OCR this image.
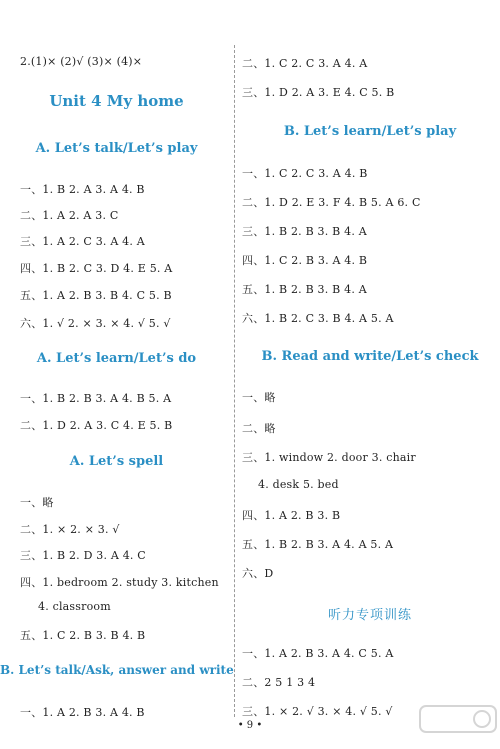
2.(1)× (2)√ (3)× (4)×
Unit 4 My home
A. Let’s talk/Let’s play
一、1. B 2. A 3. A 4. B
二、1. A 2. A 3. C
三、1. A 2. C 3. A 4. A
四、1. B 2. C 3. D 4. E 5. A
五、1. A 2. B 3. B 4. C 5. B
六、1. √ 2. × 3. × 4. √ 5. √
A. Let’s learn/Let’s do
一、1. B 2. B 3. A 4. B 5. A
二、1. D 2. A 3. C 4. E 5. B
A. Let’s spell
一、略
二、1. × 2. × 3. √
三、1. B 2. D 3. A 4. C
四、1. bedroom 2. study 3. kitchen
4. classroom
五、1. C 2. B 3. B 4. B
B. Let’s talk/Ask, answer and write
一、1. A 2. B 3. A 4. B
二、1. C 2. C 3. A 4. A
三、1. D 2. A 3. E 4. C 5. B
B. Let’s learn/Let’s play
一、1. C 2. C 3. A 4. B
二、1. D 2. E 3. F 4. B 5. A 6. C
三、1. B 2. B 3. B 4. A
四、1. C 2. B 3. A 4. B
五、1. B 2. B 3. B 4. A
六、1. B 2. C 3. B 4. A 5. A
B. Read and write/Let’s check
一、略
二、略
三、1. window 2. door 3. chair
4. desk 5. bed
四、1. A 2. B 3. B
五、1. B 2. B 3. A 4. A 5. A
六、D
听力专项训练
一、1. A 2. B 3. A 4. C 5. A
二、2 5 1 3 4
三、1. × 2. √ 3. × 4. √ 5. √
• 9 •
